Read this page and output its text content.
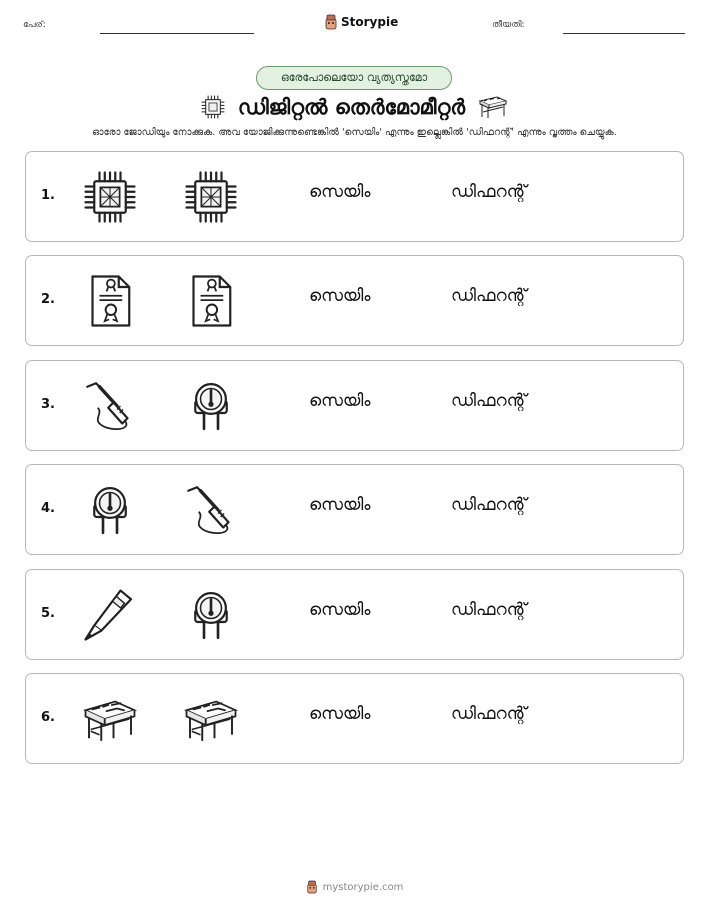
പേര്:	Storypie	തീയതി:
ഒരേപോലെയോ വ്യത്യസ്തമോ
ഡിജിറ്റൽ തെർമോമീറ്റർ
ഓരോ ജോഡിയും നോക്കുക. അവ യോജിക്കുന്നുണ്ടെങ്കിൽ 'സെയിം' എന്നും ഇല്ലെങ്കിൽ 'ഡിഫറന്റ്' എന്നും വൃത്തം ചെയ്യുക.
1.	സെയിം	ഡിഫറന്റ്
2.	സെയിം	ഡിഫറന്റ്
3.	സെയിം	ഡിഫറന്റ്
4.	സെയിം	ഡിഫറന്റ്
5.	സെയിം	ഡിഫറന്റ്
6.	സെയിം	ഡിഫറന്റ്
mystorypie.com
